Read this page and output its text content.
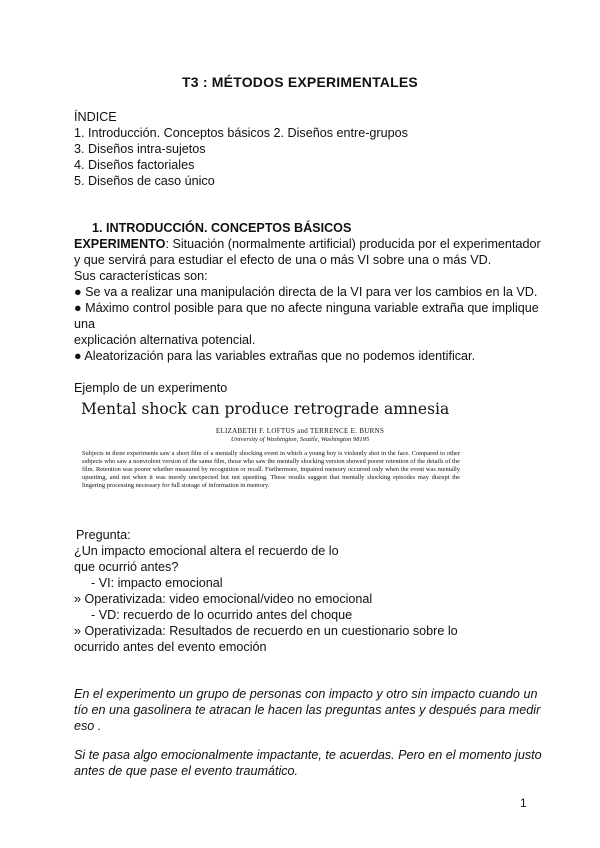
T3 : MÉTODOS EXPERIMENTALES
ÍNDICE
1. Introducción. Conceptos básicos 2. Diseños entre-grupos
3. Diseños intra-sujetos
4. Diseños factoriales
5. Diseños de caso único
1. INTRODUCCIÓN. CONCEPTOS BÁSICOS
EXPERIMENTO: Situación (normalmente artificial) producida por el experimentador
y que servirá para estudiar el efecto de una o más VI sobre una o más VD.
Sus características son:
● Se va a realizar una manipulación directa de la VI para ver los cambios en la VD.
● Máximo control posible para que no afecte ninguna variable extraña que implique
una
explicación alternativa potencial.
● Aleatorización para las variables extrañas que no podemos identificar.
Ejemplo de un experimento
Mental shock can produce retrograde amnesia
ELIZABETH F. LOFTUS and TERRENCE E. BURNS
University of Washington, Seattle, Washington 98195
Subjects in three experiments saw a short film of a mentally shocking event in which a young boy is violently shot in the face. Compared to other subjects who saw a nonviolent version of the same film, those who saw the mentally shocking version showed poorer retention of the details of the film. Retention was poorer whether measured by recognition or recall. Furthermore, impaired memory occurred only when the event was mentally upsetting, and not when it was merely unexpected but not upsetting. These results suggest that mentally shocking episodes may disrupt the lingering processing necessary for full storage of information in memory.
Pregunta:
¿Un impacto emocional altera el recuerdo de lo
que ocurrió antes?
- VI: impacto emocional
» Operativizada: video emocional/video no emocional
- VD: recuerdo de lo ocurrido antes del choque
» Operativizada: Resultados de recuerdo en un cuestionario sobre lo
ocurrido antes del evento emoción
En el experimento un grupo de personas con impacto y otro sin impacto cuando un
tío en una gasolinera te atracan le hacen las preguntas antes y después para medir
eso .
Si te pasa algo emocionalmente impactante, te acuerdas. Pero en el momento justo
antes de que pase el evento traumático.
1
